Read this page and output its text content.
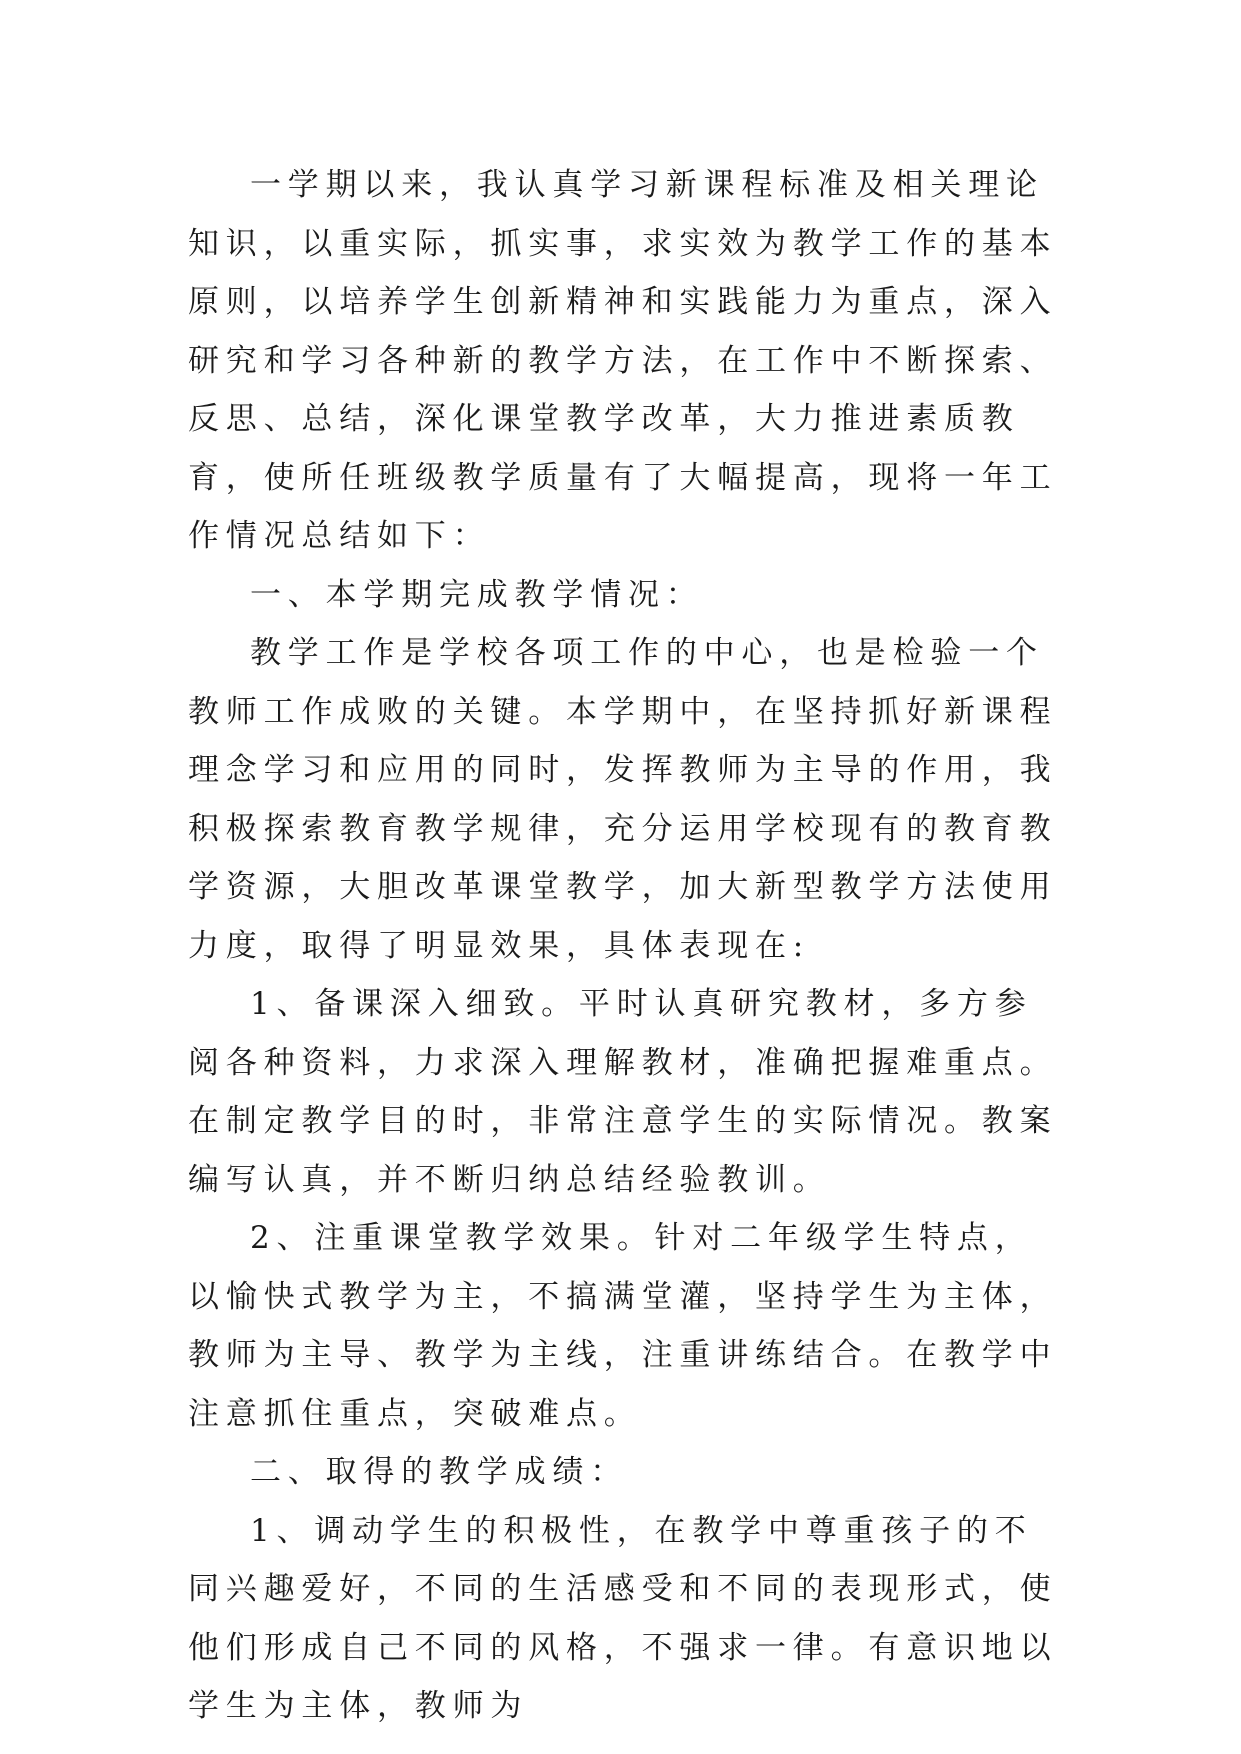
一学期以来，我认真学习新课程标准及相关理论知识，以重实际，抓实事，求实效为教学工作的基本原则，以培养学生创新精神和实践能力为重点，深入研究和学习各种新的教学方法，在工作中不断探索、反思、总结，深化课堂教学改革，大力推进素质教育，使所任班级教学质量有了大幅提高，现将一年工作情况总结如下：

一、本学期完成教学情况：

教学工作是学校各项工作的中心，也是检验一个教师工作成败的关键。本学期中，在坚持抓好新课程理念学习和应用的同时，发挥教师为主导的作用，我积极探索教育教学规律，充分运用学校现有的教育教学资源，大胆改革课堂教学，加大新型教学方法使用力度，取得了明显效果，具体表现在:

1、备课深入细致。平时认真研究教材，多方参阅各种资料，力求深入理解教材，准确把握难重点。在制定教学目的时，非常注意学生的实际情况。教案编写认真，并不断归纳总结经验教训。

2、注重课堂教学效果。针对二年级学生特点，以愉快式教学为主，不搞满堂灌，坚持学生为主体，教师为主导、教学为主线，注重讲练结合。在教学中注意抓住重点，突破难点。

二、取得的教学成绩：

1、调动学生的积极性，在教学中尊重孩子的不同兴趣爱好，不同的生活感受和不同的表现形式，使他们形成自己不同的风格，不强求一律。有意识地以学生为主体，教师为
